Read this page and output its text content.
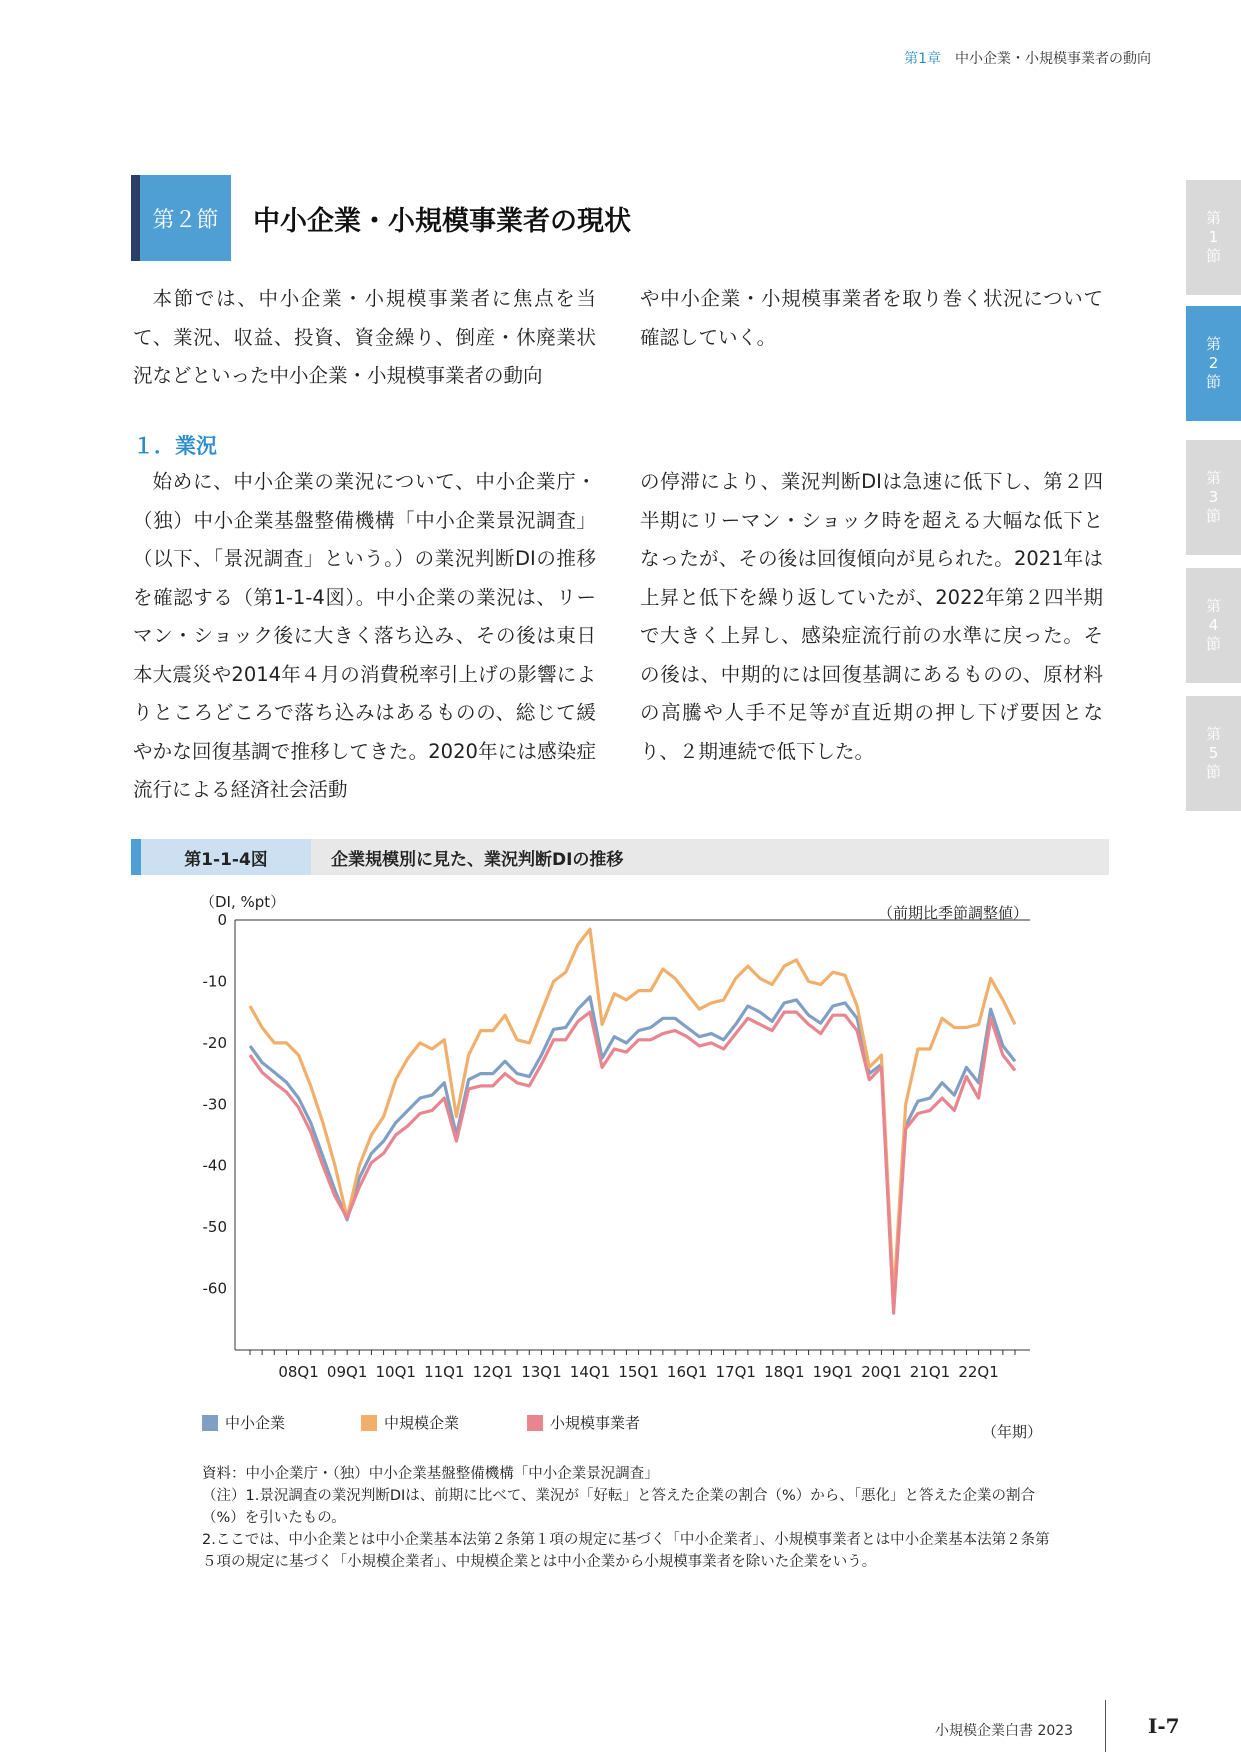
第1章 中小企業・小規模事業者の動向
第２節	中小企業・小規模事業者の現状	第
1
節
第
2
節
第
3
節
第
4
節
第
5
節

本節では、中小企業・小規模事業者に焦点を当て、業況、収益、投資、資金繰り、倒産・休廃業状況などといった中小企業・小規模事業者の動向

や中小企業・小規模事業者を取り巻く状況について確認していく。

１．業況

始めに、中小企業の業況について、中小企業庁・（独）中小企業基盤整備機構「中小企業景況調査」（以下、「景況調査」という。）の業況判断DIの推移を確認する（第1-1-4図）。中小企業の業況は、リーマン・ショック後に大きく落ち込み、その後は東日本大震災や2014年４月の消費税率引上げの影響によりところどころで落ち込みはあるものの、総じて緩やかな回復基調で推移してきた。2020年には感染症流行による経済社会活動

の停滞により、業況判断DIは急速に低下し、第２四半期にリーマン・ショック時を超える大幅な低下となったが、その後は回復傾向が見られた。2021年は上昇と低下を繰り返していたが、2022年第２四半期で大きく上昇し、感染症流行前の水準に戻った。その後は、中期的には回復基調にあるものの、原材料の高騰や人手不足等が直近期の押し下げ要因となり、２期連続で低下した。

第1-1-4図	企業規模別に見た、業況判断DIの推移
（DI, %pt）
（前期比季節調整値）
0
-10
-20
-30
-40
-50
-60
08Q1 09Q1 10Q1 11Q1 12Q1 13Q1 14Q1 15Q1 16Q1 17Q1 18Q1 19Q1 20Q1 21Q1 22Q1
中小企業	中規模企業	小規模事業者	（年期）
資料：中小企業庁・（独）中小企業基盤整備機構「中小企業景況調査」
（注）1.景況調査の業況判断DIは、前期に比べて、業況が「好転」と答えた企業の割合（%）から、「悪化」と答えた企業の割合（%）を引いたもの。
2.ここでは、中小企業とは中小企業基本法第２条第１項の規定に基づく「中小企業者」、小規模事業者とは中小企業基本法第２条第５項の規定に基づく「小規模企業者」、中規模企業とは中小企業から小規模事業者を除いた企業をいう。
小規模企業白書 2023	Ⅰ-7
